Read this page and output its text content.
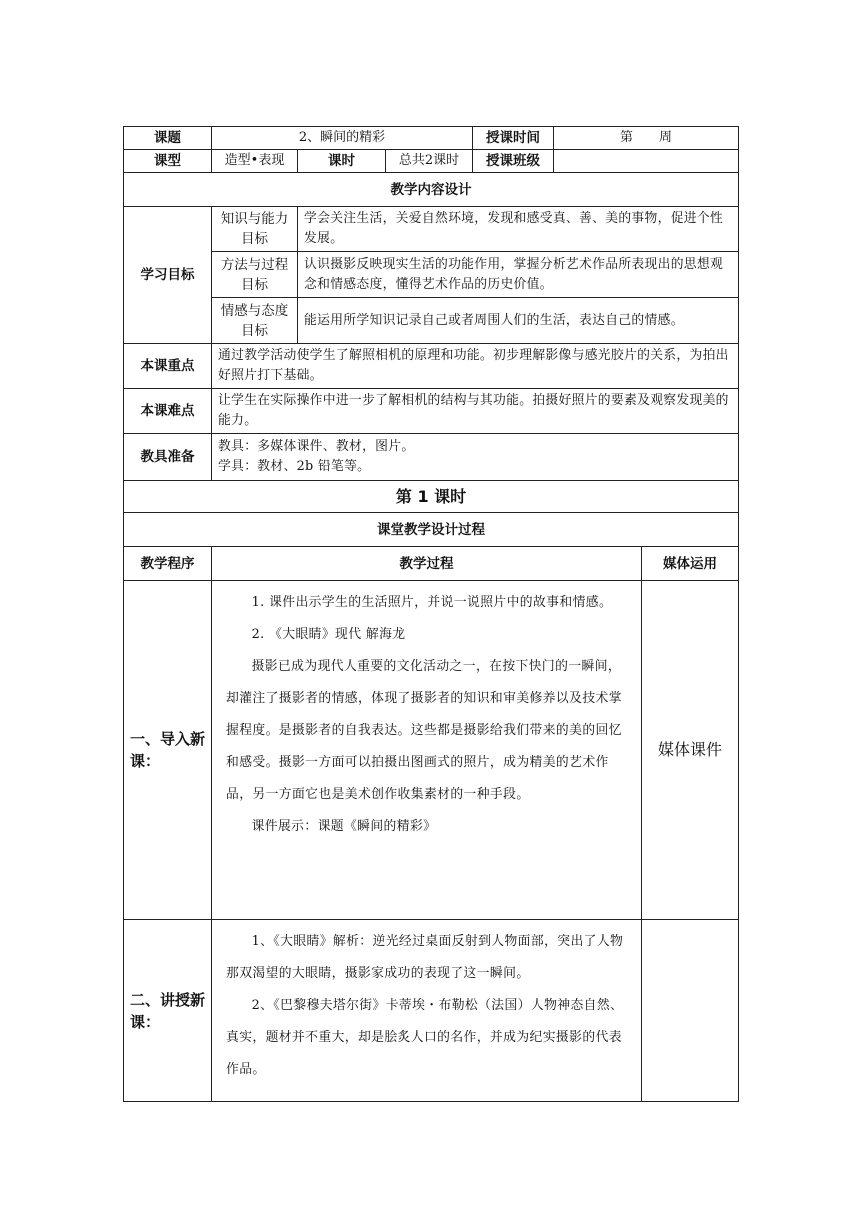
课题	2、瞬间的精彩			授课时间	第　　周	
课型	造型•表现	课时	总共2课时	授课班级		
教学内容设计						
学习目标	知识与能力目标	学会关注生活，关爱自然环境，发现和感受真、善、美的事物，促进个性发展。				
	方法与过程目标	认识摄影反映现实生活的功能作用，掌握分析艺术作品所表现出的思想观念和情感态度，懂得艺术作品的历史价值。				
	情感与态度目标	能运用所学知识记录自己或者周围人们的生活，表达自己的情感。				
本课重点	通过教学活动使学生了解照相机的原理和功能。初步理解影像与感光胶片的关系，为拍出好照片打下基础。					
本课难点	让学生在实际操作中进一步了解相机的结构与其功能。拍摄好照片的要素及观察发现美的能力。					
教具准备	教具：多媒体课件、教材，图片。
学具：教材、2b 铅笔等。					

第 1 课时						
课堂教学设计过程						
教学程序	教学过程					媒体运用
一、导入新课：	1. 课件出示学生的生活照片，并说一说照片中的故事和情感。

2. 《大眼睛》现代 解海龙

摄影已成为现代人重要的文化活动之一，在按下快门的一瞬间，却灌注了摄影者的情感，体现了摄影者的知识和审美修养以及技术掌握程度。是摄影者的自我表达。这些都是摄影给我们带来的美的回忆和感受。摄影一方面可以拍摄出图画式的照片，成为精美的艺术作品，另一方面它也是美术创作收集素材的一种手段。

课件展示：课题《瞬间的精彩》					媒体课件
二、讲授新课：	1、《大眼睛》解析：逆光经过桌面反射到人物面部，突出了人物那双渴望的大眼睛，摄影家成功的表现了这一瞬间。

2、《巴黎穆夫塔尔街》卡蒂埃・布勒松（法国）人物神态自然、真实，题材并不重大，却是脍炙人口的名作，并成为纪实摄影的代表作品。					
